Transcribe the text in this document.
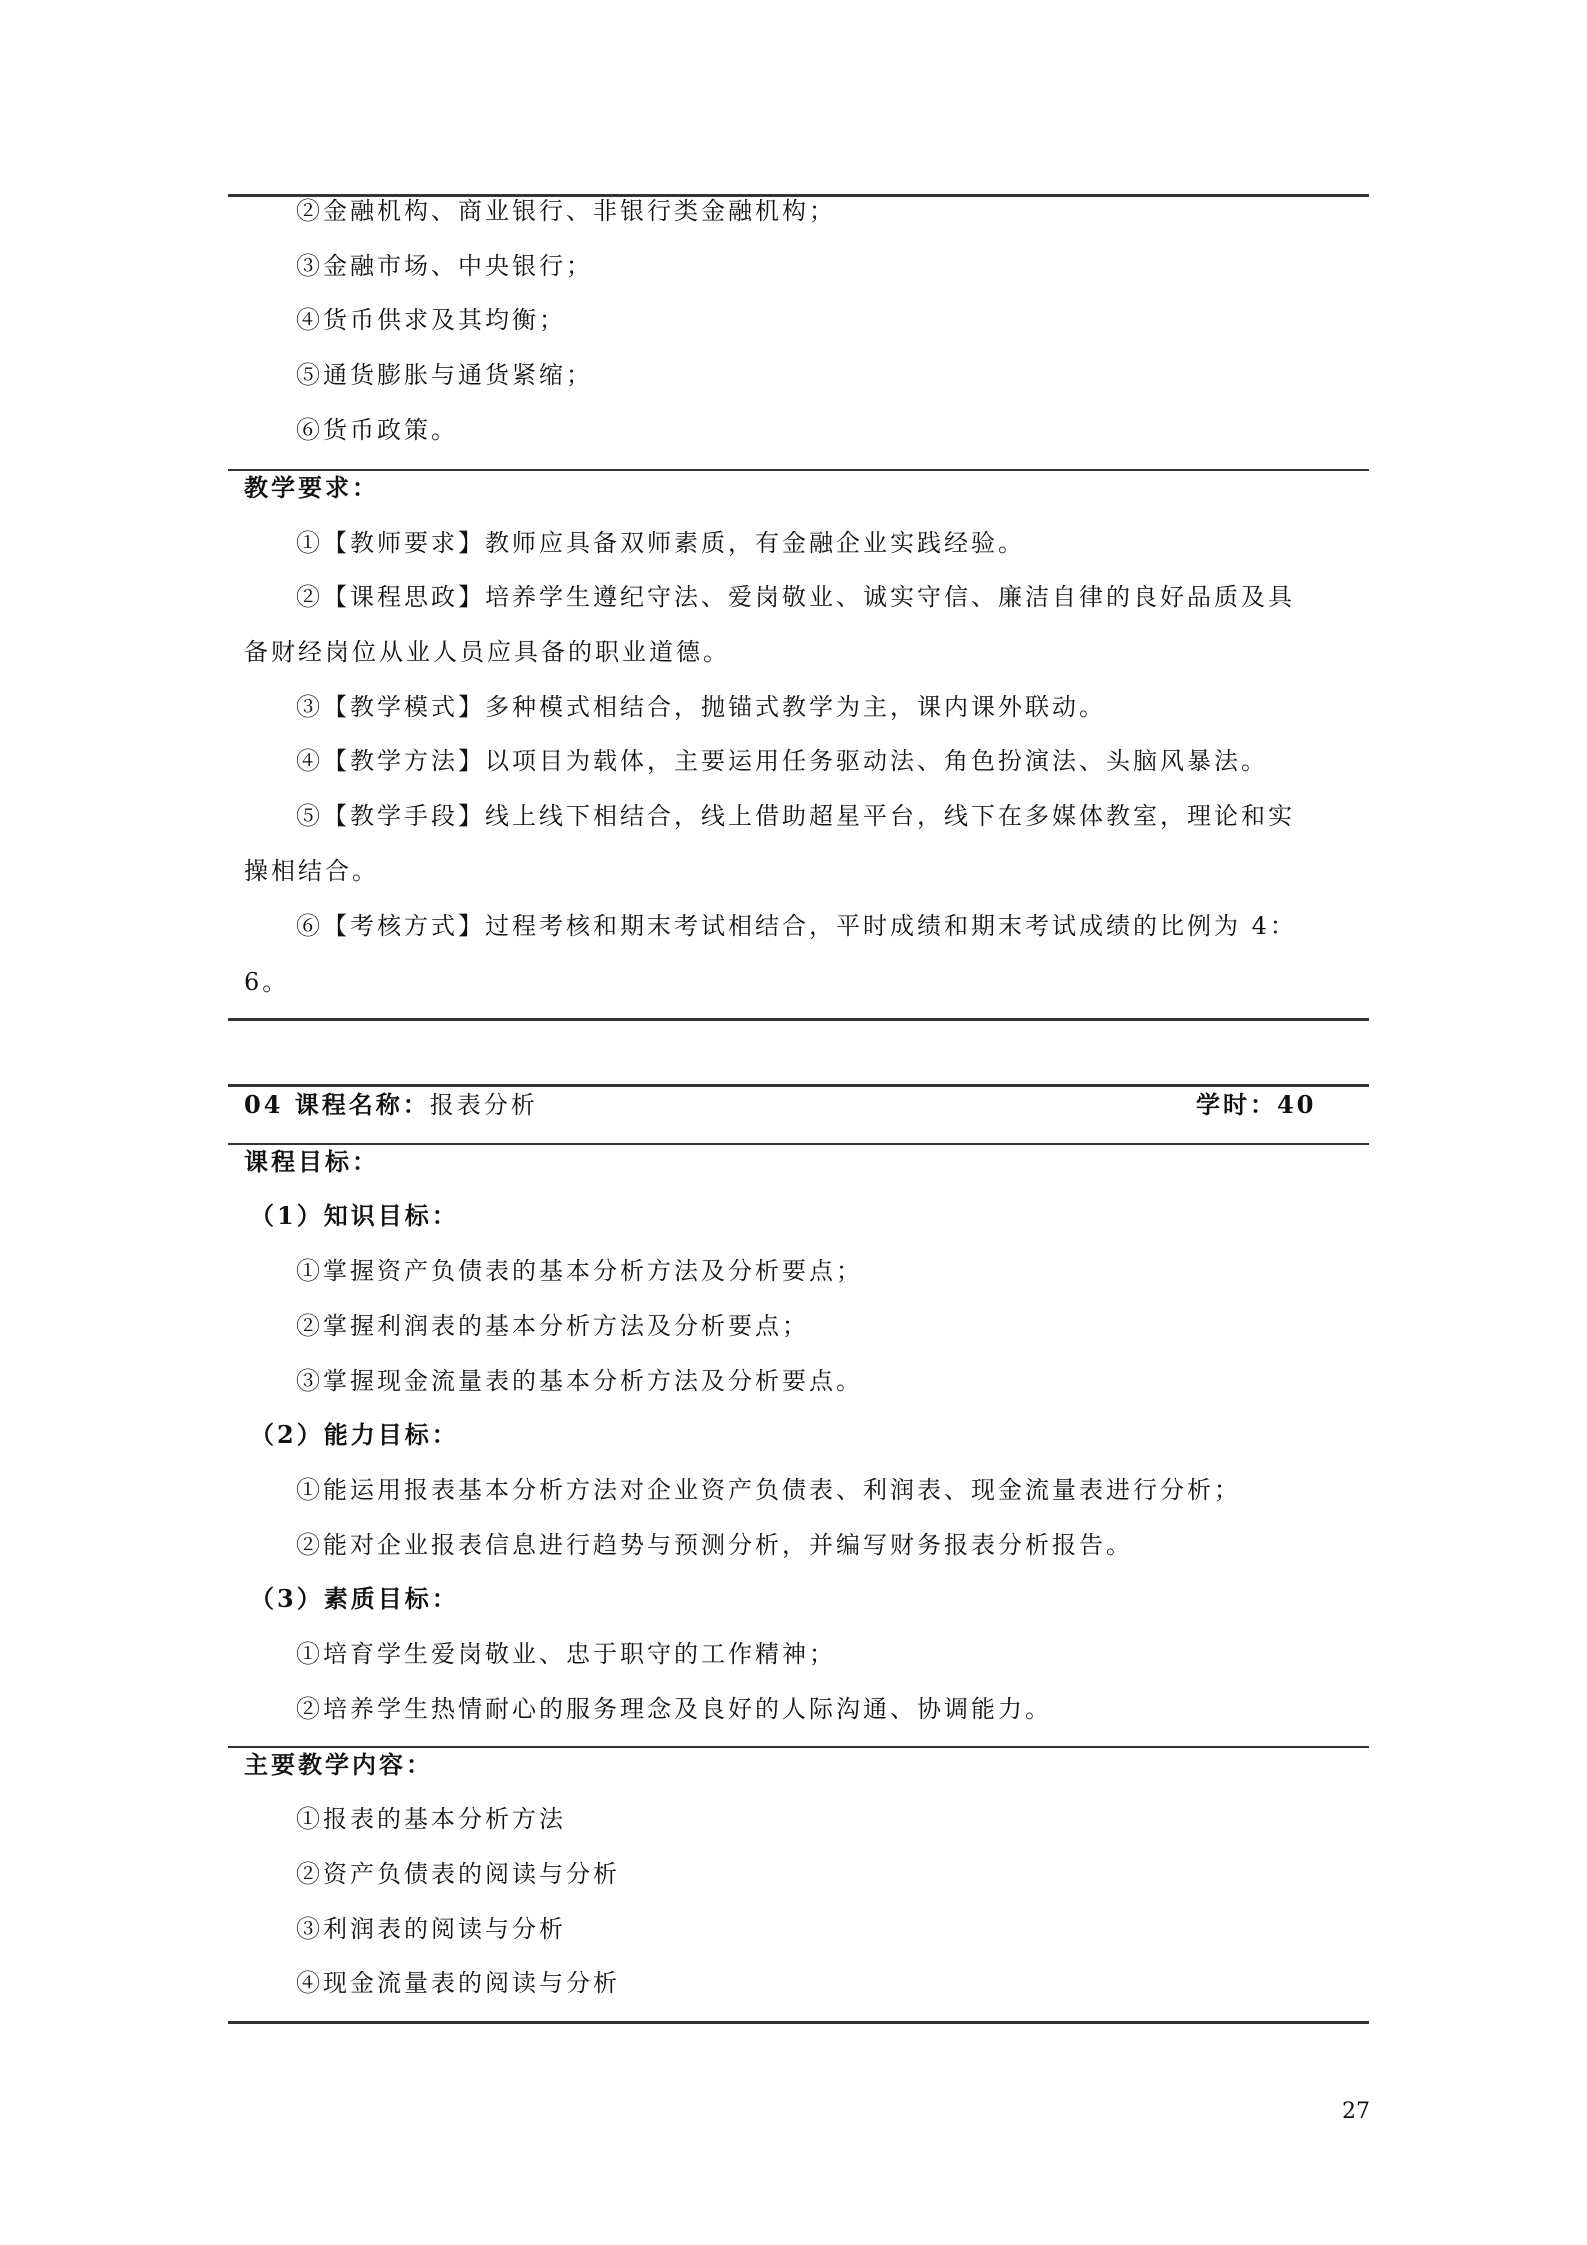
②金融机构、商业银行、非银行类金融机构；
③金融市场、中央银行；
④货币供求及其均衡；
⑤通货膨胀与通货紧缩；
⑥货币政策。
教学要求：
①【教师要求】教师应具备双师素质，有金融企业实践经验。
②【课程思政】培养学生遵纪守法、爱岗敬业、诚实守信、廉洁自律的良好品质及具
备财经岗位从业人员应具备的职业道德。
③【教学模式】多种模式相结合，抛锚式教学为主，课内课外联动。
④【教学方法】以项目为载体，主要运用任务驱动法、角色扮演法、头脑风暴法。
⑤【教学手段】线上线下相结合，线上借助超星平台，线下在多媒体教室，理论和实
操相结合。
⑥【考核方式】过程考核和期末考试相结合，平时成绩和期末考试成绩的比例为 4：
6。
04 课程名称：报表分析	学时：40
课程目标：
（1）知识目标：
①掌握资产负债表的基本分析方法及分析要点；
②掌握利润表的基本分析方法及分析要点；
③掌握现金流量表的基本分析方法及分析要点。
（2）能力目标：
①能运用报表基本分析方法对企业资产负债表、利润表、现金流量表进行分析；
②能对企业报表信息进行趋势与预测分析，并编写财务报表分析报告。
（3）素质目标：
①培育学生爱岗敬业、忠于职守的工作精神；
②培养学生热情耐心的服务理念及良好的人际沟通、协调能力。
主要教学内容：
①报表的基本分析方法
②资产负债表的阅读与分析
③利润表的阅读与分析
④现金流量表的阅读与分析
27
